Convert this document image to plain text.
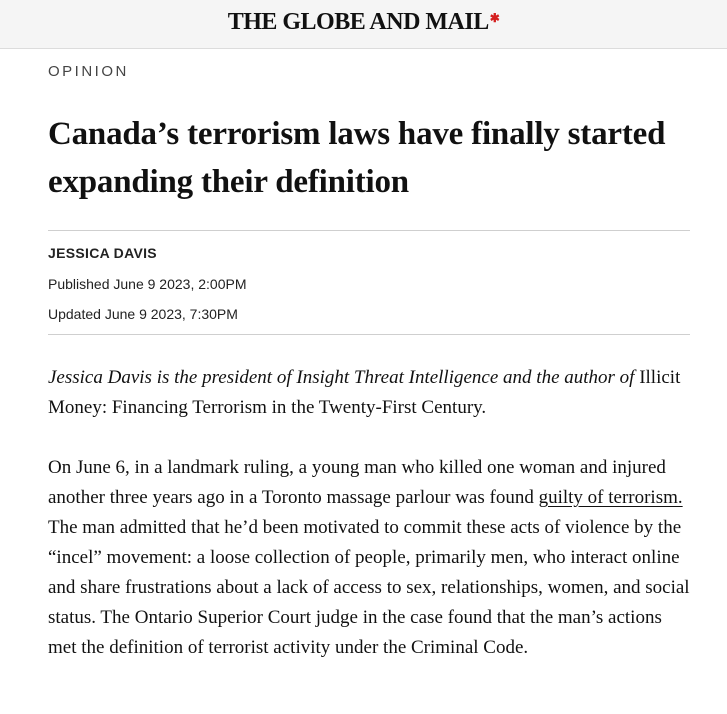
THE GLOBE AND MAIL✱
OPINION
Canada’s terrorism laws have finally started expanding their definition
JESSICA DAVIS
Published June 9 2023, 2:00PM
Updated June 9 2023, 7:30PM

Jessica Davis is the president of Insight Threat Intelligence and the author of Illicit Money: Financing Terrorism in the Twenty-First Century.

On June 6, in a landmark ruling, a young man who killed one woman and injured another three years ago in a Toronto massage parlour was found guilty of terrorism. The man admitted that he’d been motivated to commit these acts of violence by the “incel” movement: a loose collection of people, primarily men, who interact online and share frustrations about a lack of access to sex, relationships, women, and social status. The Ontario Superior Court judge in the case found that the man’s actions met the definition of terrorist activity under the Criminal Code.
